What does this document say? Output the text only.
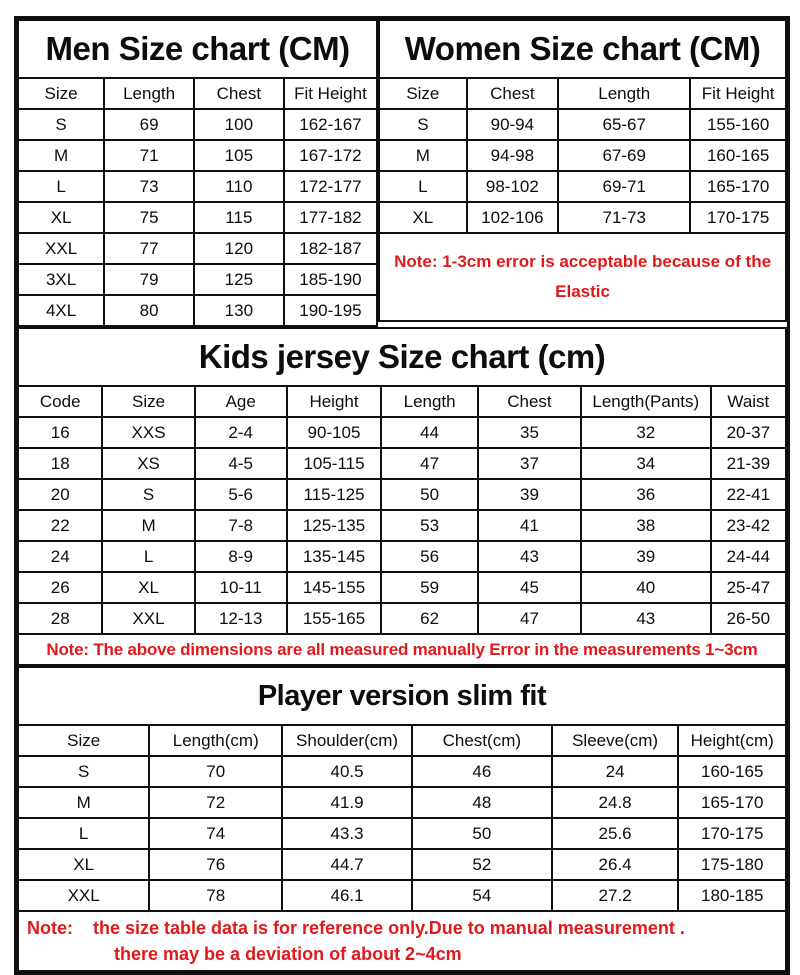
Men Size chart (CM)			
Size	Length	Chest	Fit Height
S	69	100	162-167
M	71	105	167-172
L	73	110	172-177
XL	75	115	177-182
XXL	77	120	182-187
3XL	79	125	185-190
4XL	80	130	190-195
Women Size chart (CM)			
Size	Chest	Length	Fit Height
S	90-94	65-67	155-160
M	94-98	67-69	160-165
L	98-102	69-71	165-170
XL	102-106	71-73	170-175

Note: 1-3cm error is acceptable because of the
Elastic			
Kids jersey Size chart (cm)							
Code	Size	Age	Height	Length	Chest	Length(Pants)	Waist
16	XXS	2-4	90-105	44	35	32	20-37
18	XS	4-5	105-115	47	37	34	21-39
20	S	5-6	115-125	50	39	36	22-41
22	M	7-8	125-135	53	41	38	23-42
24	L	8-9	135-145	56	43	39	24-44
26	XL	10-11	145-155	59	45	40	25-47
28	XXL	12-13	155-165	62	47	43	26-50
Note: The above dimensions are all measured manually Error in the measurements 1~3cm							
Player version slim fit					
Size	Length(cm)	Shoulder(cm)	Chest(cm)	Sleeve(cm)	Height(cm)
S	70	40.5	46	24	160-165
M	72	41.9	48	24.8	165-170
L	74	43.3	50	25.6	170-175
XL	76	44.7	52	26.4	175-180
XXL	78	46.1	54	27.2	180-185

Note:    the size table data is for reference only.Due to manual measurement .
there may be a deviation of about 2~4cm					
